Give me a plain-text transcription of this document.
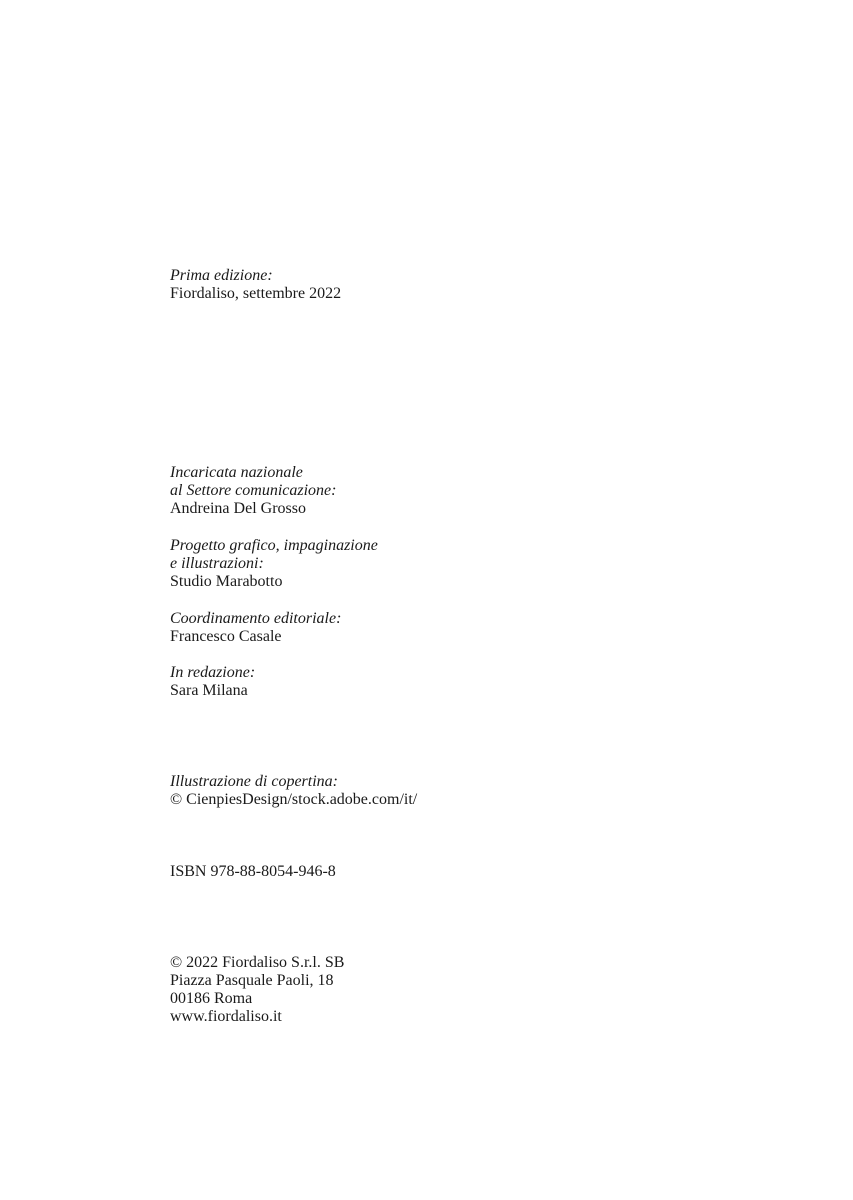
Prima edizione:

Fiordaliso, settembre 2022

Incaricata nazionale

al Settore comunicazione:

Andreina Del Grosso

Progetto grafico, impaginazione

e illustrazioni:

Studio Marabotto

Coordinamento editoriale:

Francesco Casale

In redazione:

Sara Milana

Illustrazione di copertina:

© CienpiesDesign/stock.adobe.com/it/

ISBN 978-88-8054-946-8

© 2022 Fiordaliso S.r.l. SB

Piazza Pasquale Paoli, 18

00186 Roma

www.fiordaliso.it
